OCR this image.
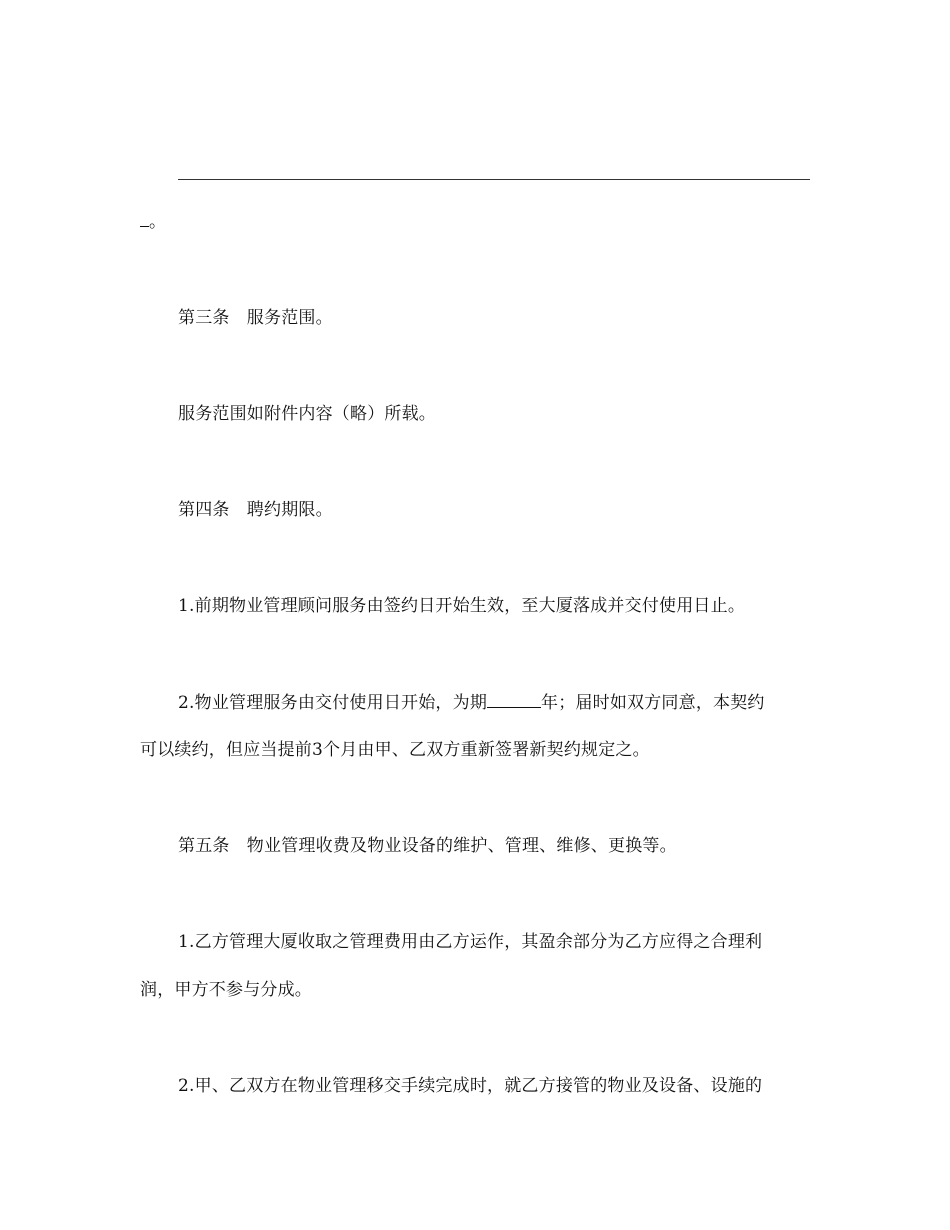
。
第三条　服务范围。
服务范围如附件内容（略）所载。
第四条　聘约期限。
1.前期物业管理顾问服务由签约日开始生效，至大厦落成并交付使用日止。
2.物业管理服务由交付使用日开始，为期	年；届时如双方同意，本契约
可以续约，但应当提前3个月由甲、乙双方重新签署新契约规定之。
第五条　物业管理收费及物业设备的维护、管理、维修、更换等。
1.乙方管理大厦收取之管理费用由乙方运作，其盈余部分为乙方应得之合理利
润，甲方不参与分成。
2.甲、乙双方在物业管理移交手续完成时，就乙方接管的物业及设备、设施的
